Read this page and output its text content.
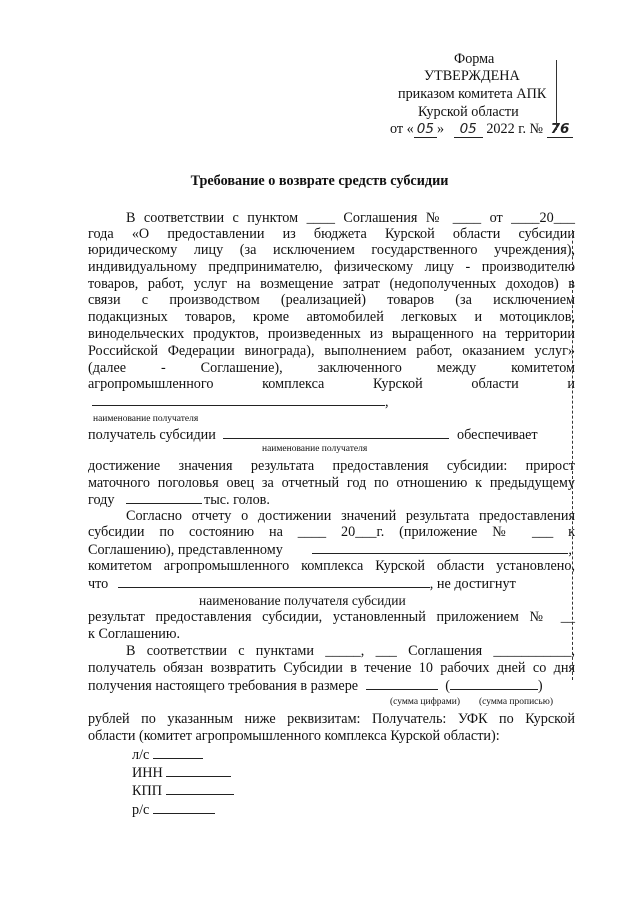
Форма
УТВЕРЖДЕНА
приказом комитета АПК
Курской области
от « 05 » 05 2022 г. № 76
Требование о возврате средств субсидии
В соответствии с пунктом ____ Соглашения № ____ от ____20___
года «О предоставлении из бюджета Курской области субсидии
юридическому лицу (за исключением государственного учреждения),
индивидуальному предпринимателю, физическому лицу - производителю
товаров, работ, услуг на возмещение затрат (недополученных доходов) в
связи с производством (реализацией) товаров (за исключением
подакцизных товаров, кроме автомобилей легковых и мотоциклов,
винодельческих продуктов, произведенных из выращенного на территории
Российской Федерации винограда), выполнением работ, оказанием услуг»
(далее - Соглашение), заключенного между комитетом
агропромышленного комплекса Курской области и
,
наименование получателя
получатель субсидии	обеспечивает
наименование получателя
достижение значения результата предоставления субсидии: прирост
маточного поголовья овец за отчетный год по отношению к предыдущему
году	тыс. голов.
Согласно отчету о достижении значений результата предоставления
субсидии по состоянию на ____ 20___г. (приложение № ___ к
Соглашению), представленному	,
комитетом агропромышленного комплекса Курской области установлено,
что	, не достигнут
наименование получателя субсидии
результат предоставления субсидии, установленный приложением № __
к Соглашению.
В соответствии с пунктами _____, ___ Соглашения ___________,
получатель обязан возвратить Субсидии в течение 10 рабочих дней со дня
получения настоящего требования в размере	(	)
(сумма цифрами) (сумма прописью)
рублей по указанным ниже реквизитам: Получатель: УФК по Курской
области (комитет агропромышленного комплекса Курской области):
л/с
ИНН
КПП
р/с
